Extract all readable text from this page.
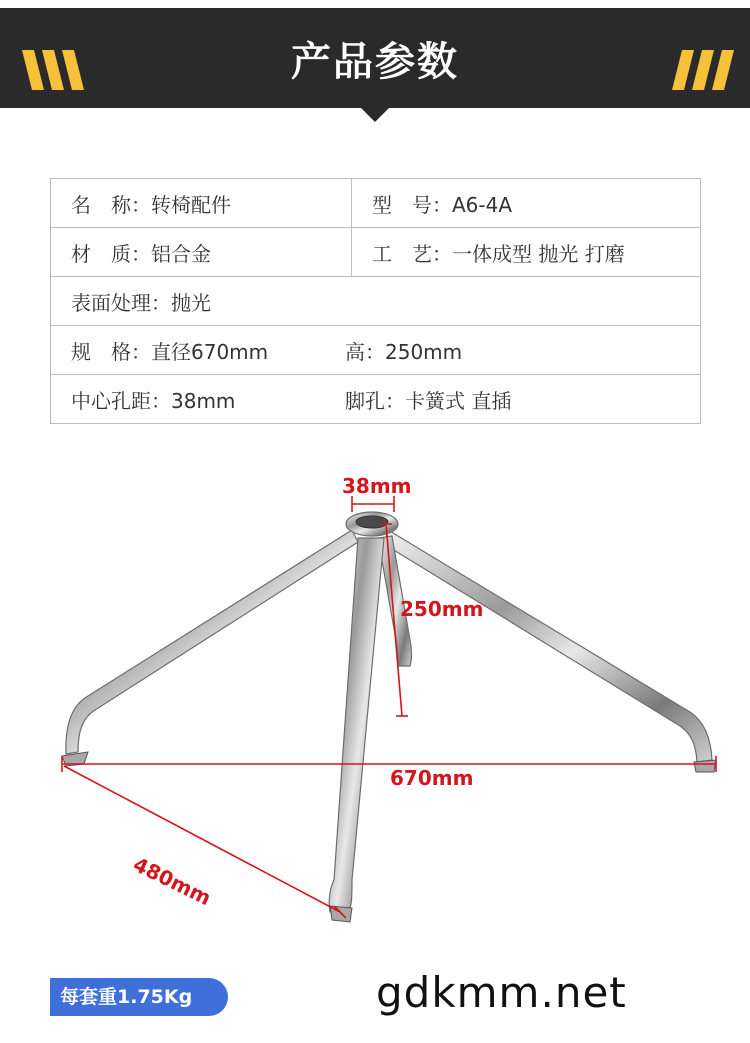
产品参数
名　称：转椅配件	型　号：A6-4A
材　质：铝合金	工　艺：一体成型 抛光 打磨
表面处理：抛光	
规　格：直径670mm 高：250mm	
中心孔距：38mm 脚孔：卡簧式 直插	
38mm
250mm
670mm
480mm
每套重1.75Kg	gdkmm.net
